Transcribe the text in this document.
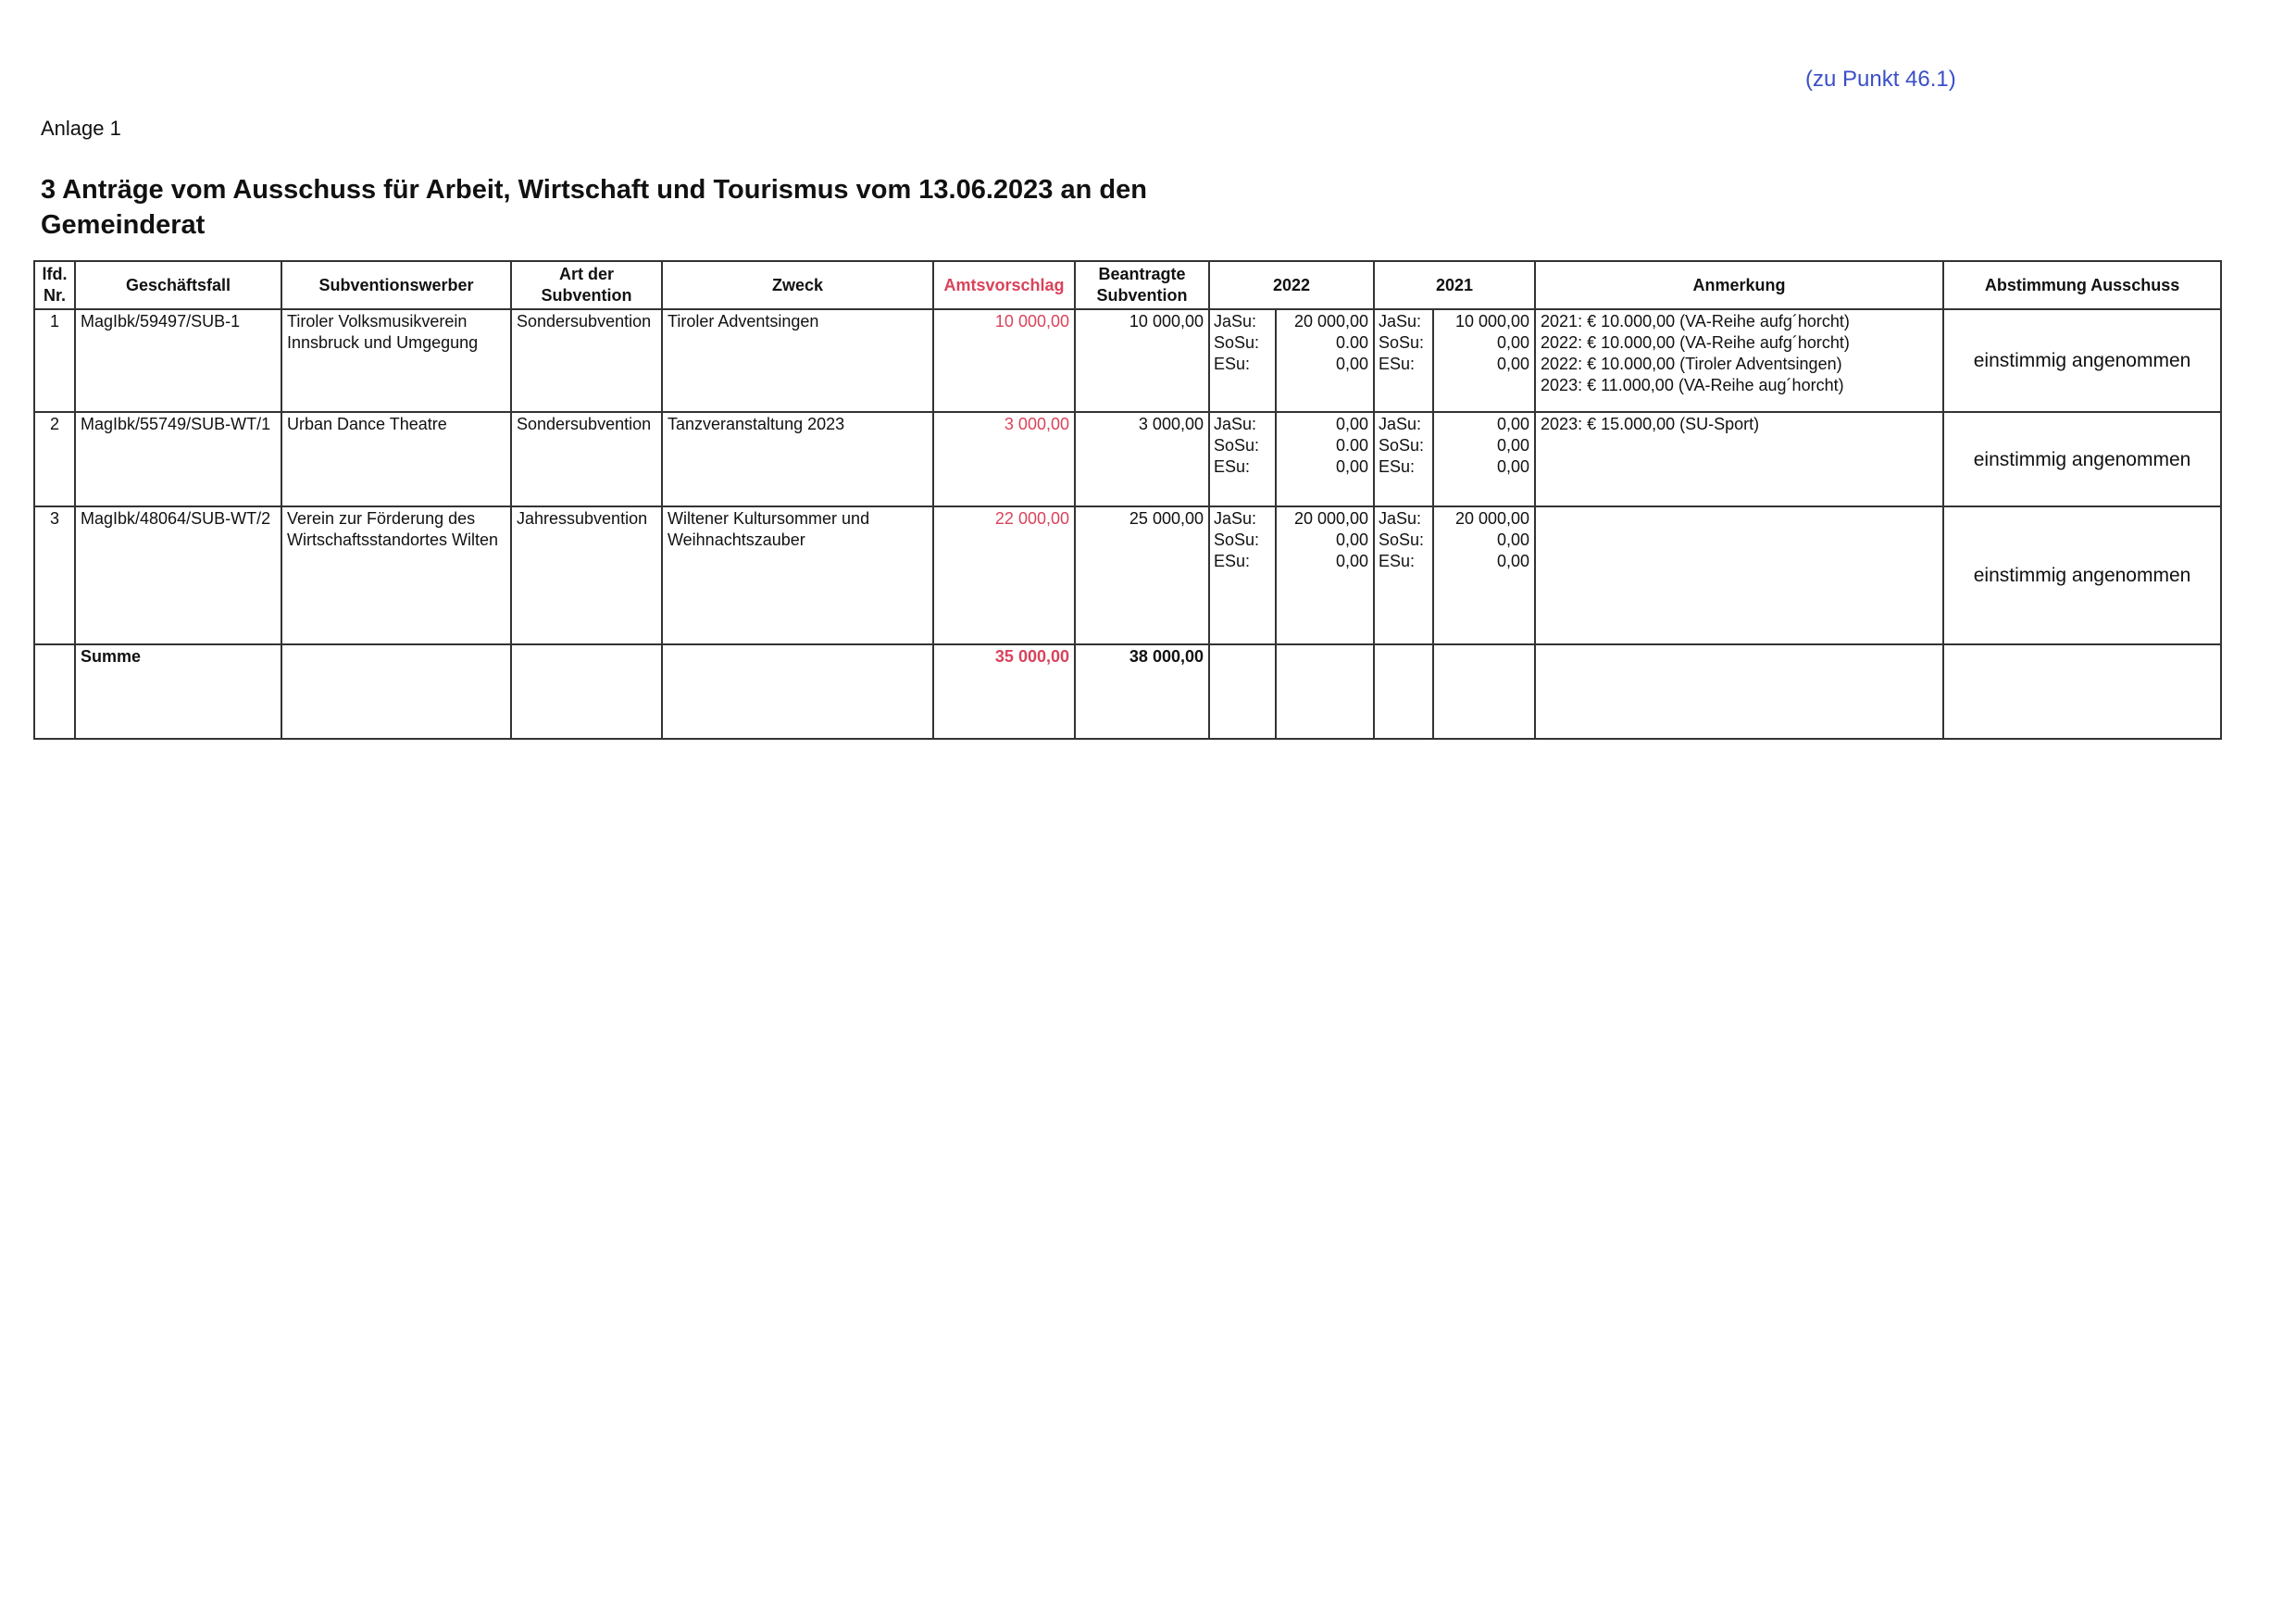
(zu Punkt 46.1)
Anlage 1
3 Anträge vom Ausschuss für Arbeit, Wirtschaft und Tourismus vom 13.06.2023 an den Gemeinderat
lfd. Nr.	Geschäftsfall	Subventionswerber	Art der Subvention	Zweck	Amtsvorschlag	Beantragte Subvention	2022		2021		Anmerkung	Abstimmung Ausschuss
1	MagIbk/59497/SUB-1	Tiroler Volksmusikverein Innsbruck und Umgegung	Sondersubvention	Tiroler Adventsingen	10 000,00	10 000,00	JaSu:
SoSu:
ESu:	20 000,00
0.00
0,00	JaSu:
SoSu:
ESu:	10 000,00
0,00
0,00	2021: € 10.000,00 (VA-Reihe aufg´horcht)
2022: € 10.000,00 (VA-Reihe aufg´horcht)
2022: € 10.000,00 (Tiroler Adventsingen)
2023: € 11.000,00 (VA-Reihe aug´horcht)	einstimmig angenommen
2	MagIbk/55749/SUB-WT/1	Urban Dance Theatre	Sondersubvention	Tanzveranstaltung 2023	3 000,00	3 000,00	JaSu:
SoSu:
ESu:	0,00
0.00
0,00	JaSu:
SoSu:
ESu:	0,00
0,00
0,00	2023: € 15.000,00 (SU-Sport)	einstimmig angenommen
3	MagIbk/48064/SUB-WT/2	Verein zur Förderung des Wirtschaftsstandortes Wilten	Jahressubvention	Wiltener Kultursommer und Weihnachtszauber	22 000,00	25 000,00	JaSu:
SoSu:
ESu:	20 000,00
0,00
0,00	JaSu:
SoSu:
ESu:	20 000,00
0,00
0,00		einstimmig angenommen
	Summe				35 000,00	38 000,00						
